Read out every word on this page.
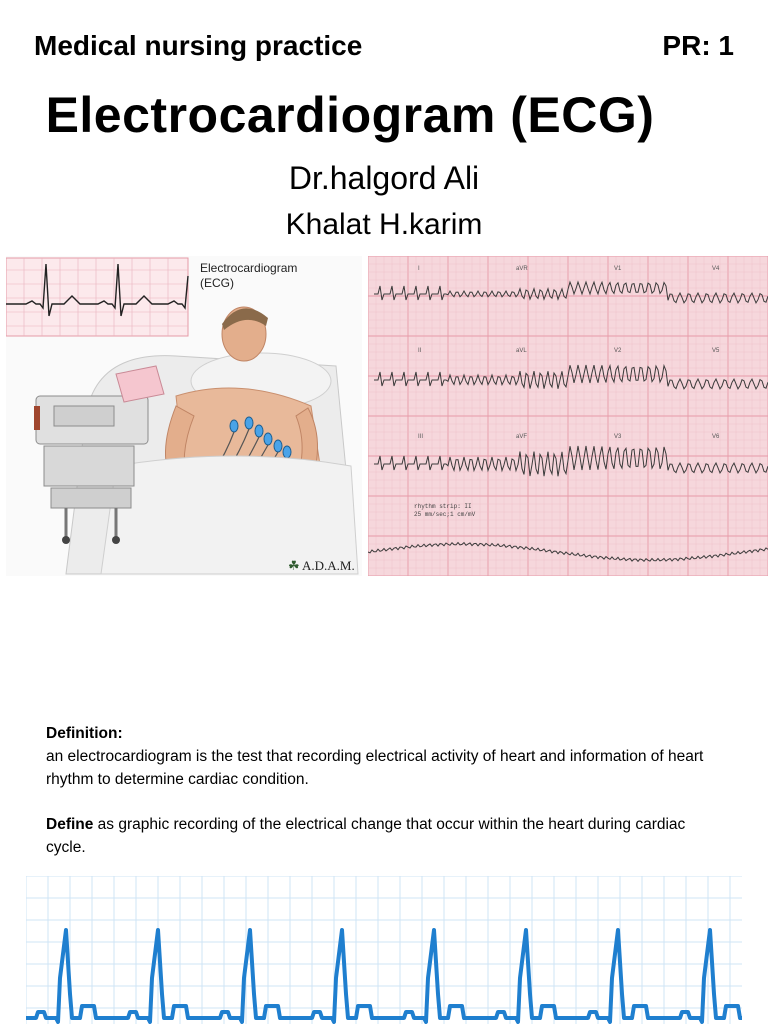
Medical nursing practice	PR: 1
Electrocardiogram (ECG)
Dr.halgord Ali
Khalat H.karim
Electrocardiogram
(ECG)
☘ A.D.A.M.
I	aVR	V1	V4
II	aVL	V2	V5
III	aVF	V3	V6
rhythm strip: II
25 mm/sec;1 cm/mV

Definition:

an electrocardiogram is the test that recording electrical activity of heart and information of heart rhythm to determine cardiac condition.

Define as graphic recording of the electrical change that occur within the heart during cardiac cycle.
